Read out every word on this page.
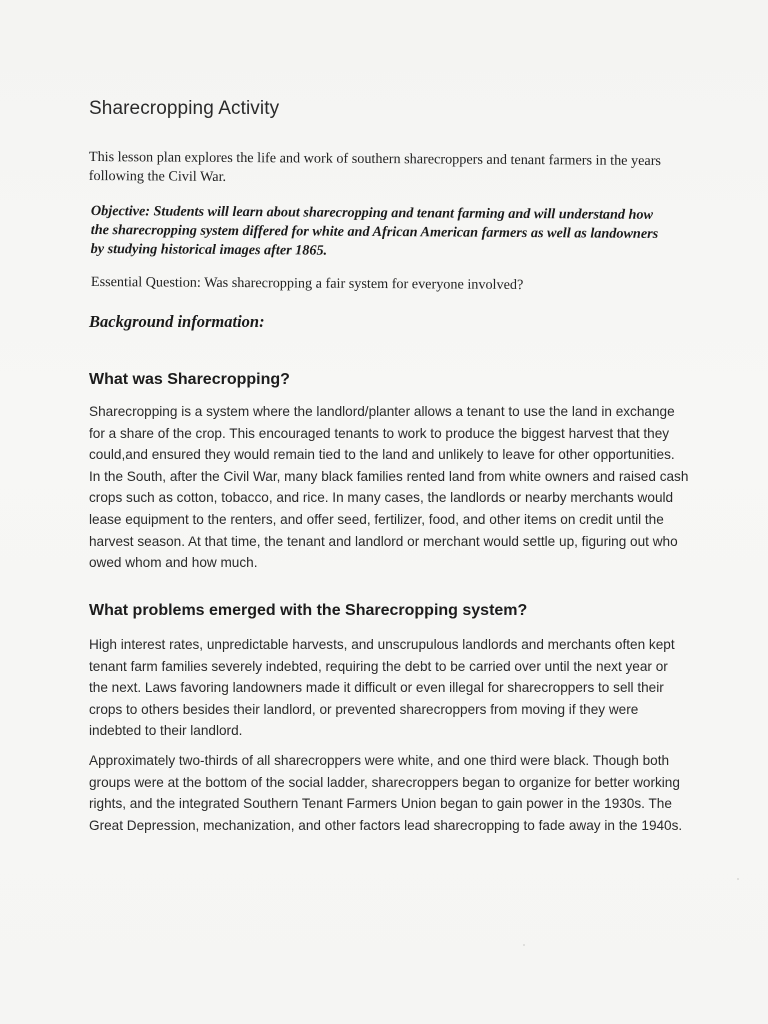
Sharecropping Activity
This lesson plan explores the life and work of southern sharecroppers and tenant farmers in the years following the Civil War.
Objective: Students will learn about sharecropping and tenant farming and will understand how the sharecropping system differed for white and African American farmers as well as landowners by studying historical images after 1865.
Essential Question: Was sharecropping a fair system for everyone involved?
Background information:
What was Sharecropping?
Sharecropping is a system where the landlord/planter allows a tenant to use the land in exchange for a share of the crop. This encouraged tenants to work to produce the biggest harvest that they could,and ensured they would remain tied to the land and unlikely to leave for other opportunities. In the South, after the Civil War, many black families rented land from white owners and raised cash crops such as cotton, tobacco, and rice. In many cases, the landlords or nearby merchants would lease equipment to the renters, and offer seed, fertilizer, food, and other items on credit until the harvest season. At that time, the tenant and landlord or merchant would settle up, figuring out who owed whom and how much.
What problems emerged with the Sharecropping system?
High interest rates, unpredictable harvests, and unscrupulous landlords and merchants often kept tenant farm families severely indebted, requiring the debt to be carried over until the next year or the next. Laws favoring landowners made it difficult or even illegal for sharecroppers to sell their crops to others besides their landlord, or prevented sharecroppers from moving if they were indebted to their landlord.
Approximately two-thirds of all sharecroppers were white, and one third were black. Though both groups were at the bottom of the social ladder, sharecroppers began to organize for better working rights, and the integrated Southern Tenant Farmers Union began to gain power in the 1930s. The Great Depression, mechanization, and other factors lead sharecropping to fade away in the 1940s.
